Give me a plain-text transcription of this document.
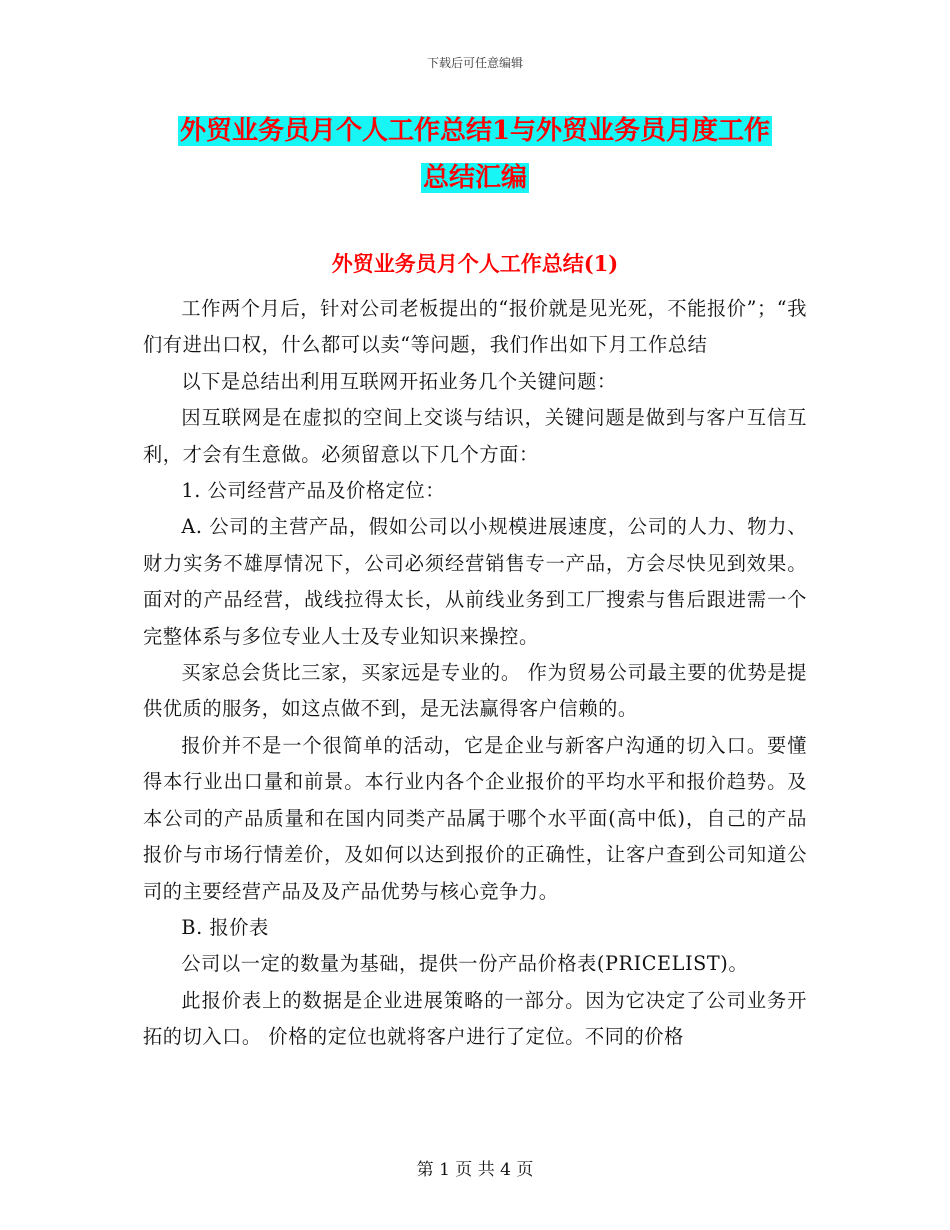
下载后可任意编辑
外贸业务员月个人工作总结1与外贸业务员月度工作
总结汇编
外贸业务员月个人工作总结(1)

工作两个月后，针对公司老板提出的“报价就是见光死，不能报价”；“我们有进出口权，什么都可以卖“等问题，我们作出如下月工作总结

以下是总结出利用互联网开拓业务几个关键问题：

因互联网是在虚拟的空间上交谈与结识，关键问题是做到与客户互信互利，才会有生意做。必须留意以下几个方面：

1. 公司经营产品及价格定位：

A. 公司的主营产品，假如公司以小规模进展速度，公司的人力、物力、财力实务不雄厚情况下，公司必须经营销售专一产品，方会尽快见到效果。面对的产品经营，战线拉得太长，从前线业务到工厂搜索与售后跟进需一个完整体系与多位专业人士及专业知识来操控。

买家总会货比三家，买家远是专业的。 作为贸易公司最主要的优势是提供优质的服务，如这点做不到，是无法赢得客户信赖的。

报价并不是一个很简单的活动，它是企业与新客户沟通的切入口。要懂得本行业出口量和前景。本行业内各个企业报价的平均水平和报价趋势。及本公司的产品质量和在国内同类产品属于哪个水平面(高中低)，自己的产品报价与市场行情差价，及如何以达到报价的正确性，让客户查到公司知道公司的主要经营产品及及产品优势与核心竞争力。

B. 报价表

公司以一定的数量为基础，提供一份产品价格表(PRICELIST)。

此报价表上的数据是企业进展策略的一部分。因为它决定了公司业务开拓的切入口。 价格的定位也就将客户进行了定位。不同的价格

第 1 页 共 4 页
